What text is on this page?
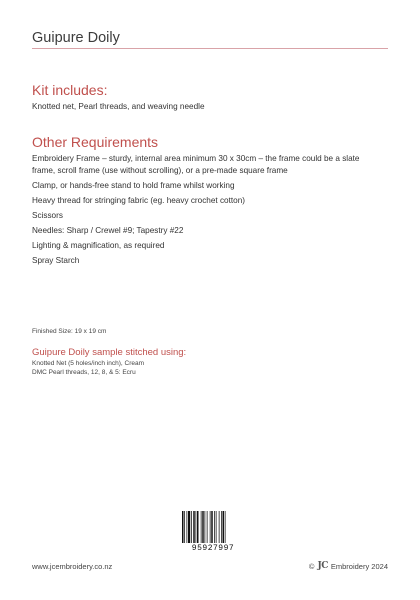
Guipure Doily
Kit includes:
Knotted net, Pearl threads, and weaving needle
Other Requirements
Embroidery Frame – sturdy, internal area minimum 30 x 30cm – the frame could be a slate frame, scroll frame (use without scrolling), or a pre-made square frame
Clamp, or hands-free stand to hold frame whilst working
Heavy thread for stringing fabric (eg. heavy crochet cotton)
Scissors
Needles: Sharp / Crewel #9; Tapestry #22
Lighting & magnification, as required
Spray Starch
Finished Size: 19 x 19 cm
Guipure Doily sample stitched using:
Knotted Net (5 holes/inch inch), Cream
DMC Pearl threads, 12, 8, & 5: Ecru
95927997
www.jcembroidery.co.nz	© JC Embroidery 2024
